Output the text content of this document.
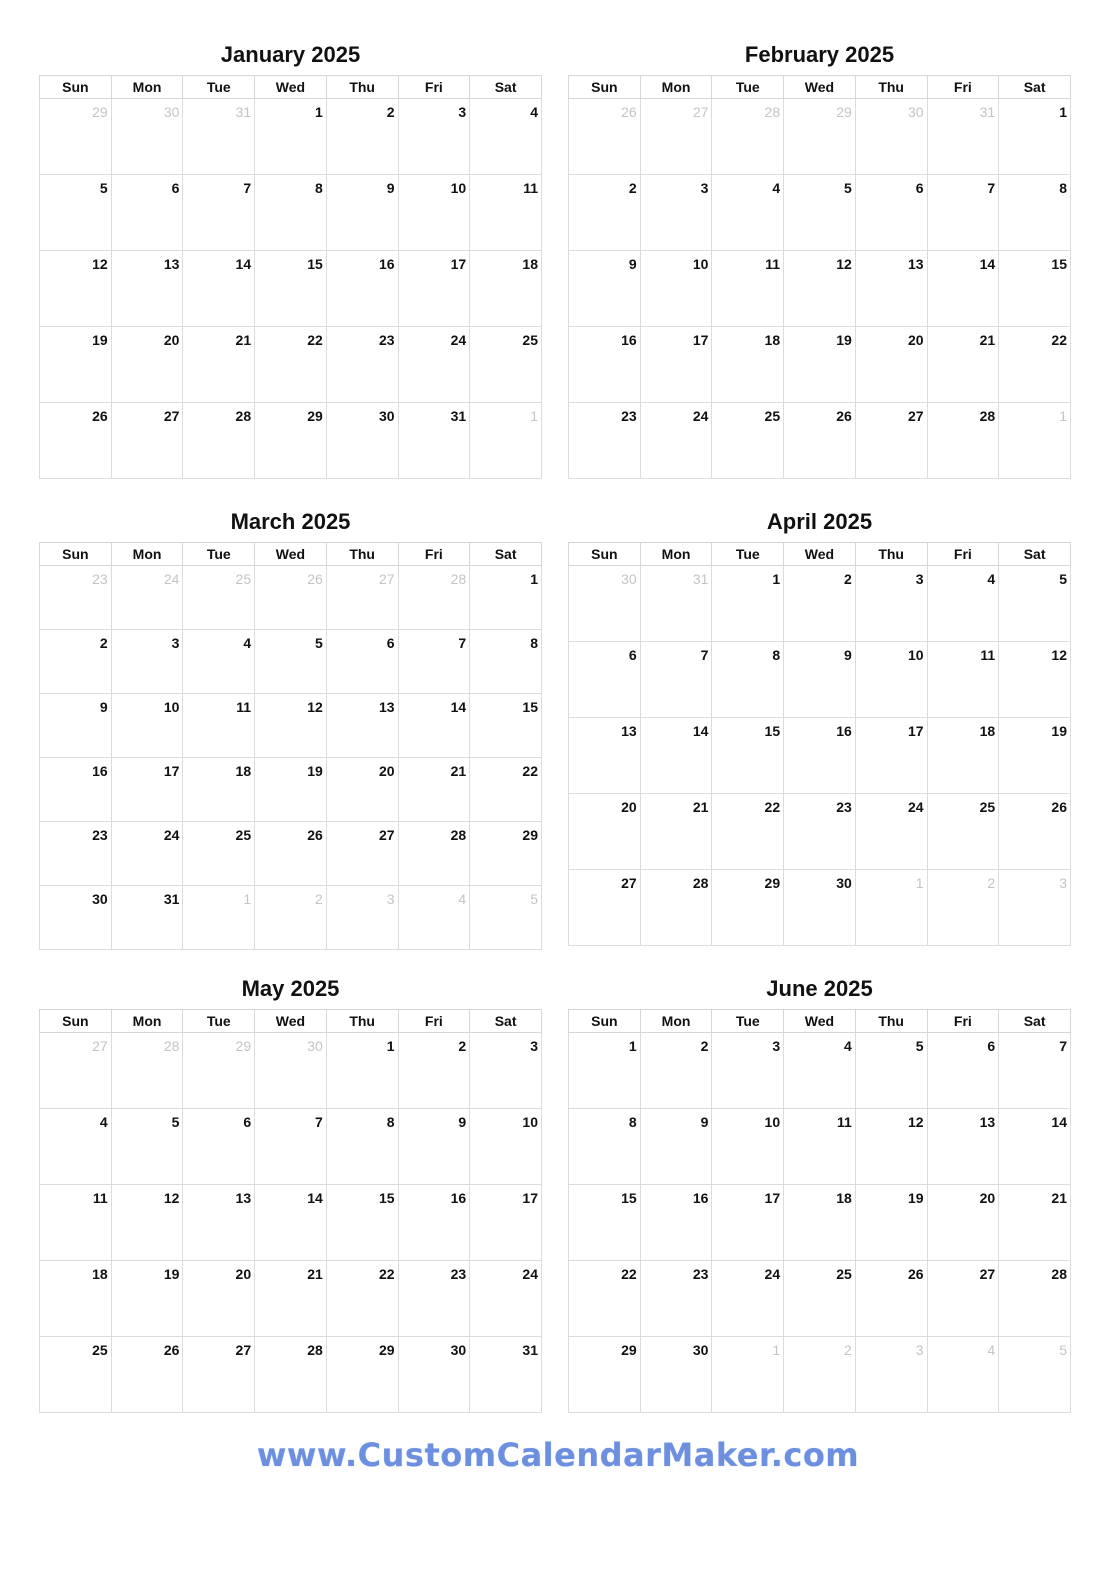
January 2025
Sun	Mon	Tue	Wed	Thu	Fri	Sat
29	30	31	1	2	3	4
5	6	7	8	9	10	11
12	13	14	15	16	17	18
19	20	21	22	23	24	25
26	27	28	29	30	31	1
February 2025
Sun	Mon	Tue	Wed	Thu	Fri	Sat
26	27	28	29	30	31	1
2	3	4	5	6	7	8
9	10	11	12	13	14	15
16	17	18	19	20	21	22
23	24	25	26	27	28	1
March 2025
Sun	Mon	Tue	Wed	Thu	Fri	Sat
23	24	25	26	27	28	1
2	3	4	5	6	7	8
9	10	11	12	13	14	15
16	17	18	19	20	21	22
23	24	25	26	27	28	29
30	31	1	2	3	4	5
April 2025
Sun	Mon	Tue	Wed	Thu	Fri	Sat
30	31	1	2	3	4	5
6	7	8	9	10	11	12
13	14	15	16	17	18	19
20	21	22	23	24	25	26
27	28	29	30	1	2	3
May 2025
Sun	Mon	Tue	Wed	Thu	Fri	Sat
27	28	29	30	1	2	3
4	5	6	7	8	9	10
11	12	13	14	15	16	17
18	19	20	21	22	23	24
25	26	27	28	29	30	31
June 2025
Sun	Mon	Tue	Wed	Thu	Fri	Sat
1	2	3	4	5	6	7
8	9	10	11	12	13	14
15	16	17	18	19	20	21
22	23	24	25	26	27	28
29	30	1	2	3	4	5
www.CustomCalendarMaker.com
